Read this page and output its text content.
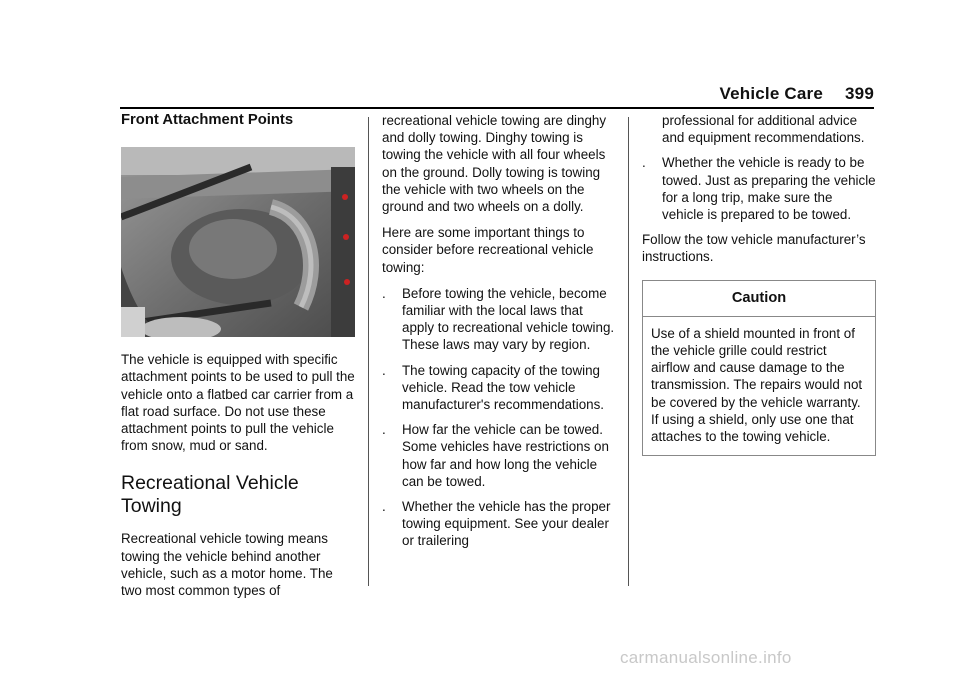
Vehicle Care 399
Front Attachment Points

The vehicle is equipped with specific attachment points to be used to pull the vehicle onto a flatbed car carrier from a flat road surface. Do not use these attachment points to pull the vehicle from snow, mud or sand.

Recreational Vehicle
Towing

Recreational vehicle towing means towing the vehicle behind another vehicle, such as a motor home. The two most common types of

recreational vehicle towing are dinghy and dolly towing. Dinghy towing is towing the vehicle with all four wheels on the ground. Dolly towing is towing the vehicle with two wheels on the ground and two wheels on a dolly.

Here are some important things to consider before recreational vehicle towing:

. Before towing the vehicle, become familiar with the local laws that apply to recreational vehicle towing. These laws may vary by region.
. The towing capacity of the towing vehicle. Read the tow vehicle manufacturer's recommendations.
. How far the vehicle can be towed. Some vehicles have restrictions on how far and how long the vehicle can be towed.
. Whether the vehicle has the proper towing equipment. See your dealer or trailering
professional for additional advice and equipment recommendations.
. Whether the vehicle is ready to be towed. Just as preparing the vehicle for a long trip, make sure the vehicle is prepared to be towed.

Follow the tow vehicle manufacturer’s instructions.

Caution
Use of a shield mounted in front of the vehicle grille could restrict airflow and cause damage to the transmission. The repairs would not be covered by the vehicle warranty. If using a shield, only use one that attaches to the towing vehicle.
carmanualsonline.info
